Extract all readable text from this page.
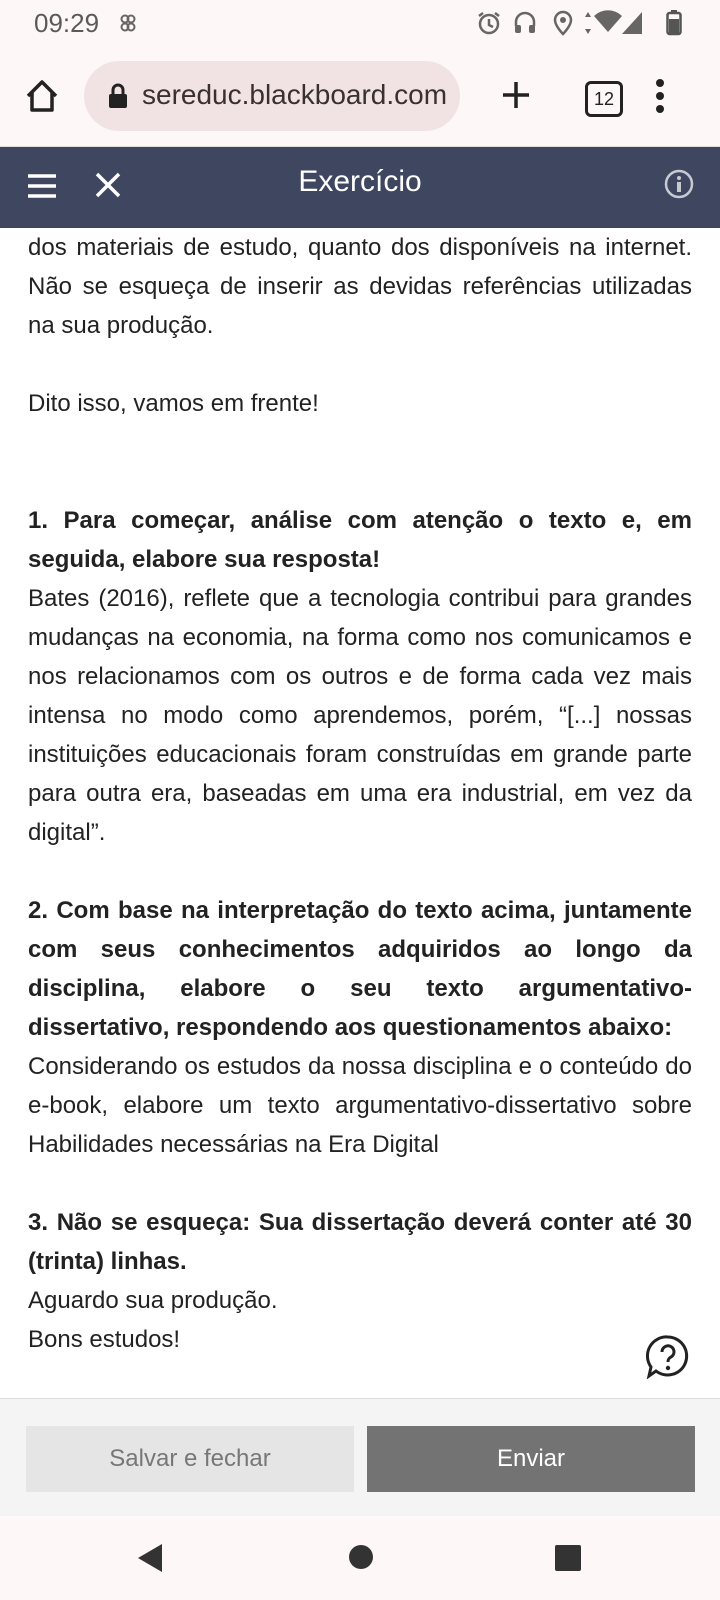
09:29
sereduc.blackboard.com	12
Exercício

dos materiais de estudo, quanto dos disponíveis na internet. Não se esqueça de inserir as devidas referências utilizadas na sua produção.

Dito isso, vamos em frente!

1. Para começar, análise com atenção o texto e, em seguida, elabore sua resposta!

Bates (2016), reflete que a tecnologia contribui para grandes mudanças na economia, na forma como nos comunicamos e nos relacionamos com os outros e de forma cada vez mais intensa no modo como aprendemos, porém, “[...] nossas instituições educacionais foram construídas em grande parte para outra era, baseadas em uma era industrial, em vez da digital”.

2. Com base na interpretação do texto acima, juntamente com seus conhecimentos adquiridos ao longo da disciplina, elabore o seu texto argumentativo-dissertativo, respondendo aos questionamentos abaixo:

Considerando os estudos da nossa disciplina e o conteúdo do e-book, elabore um texto argumentativo-dissertativo sobre Habilidades necessárias na Era Digital

3. Não se esqueça: Sua dissertação deverá conter até 30 (trinta) linhas.

Aguardo sua produção.

Bons estudos!

Salvar e fechar	Enviar
